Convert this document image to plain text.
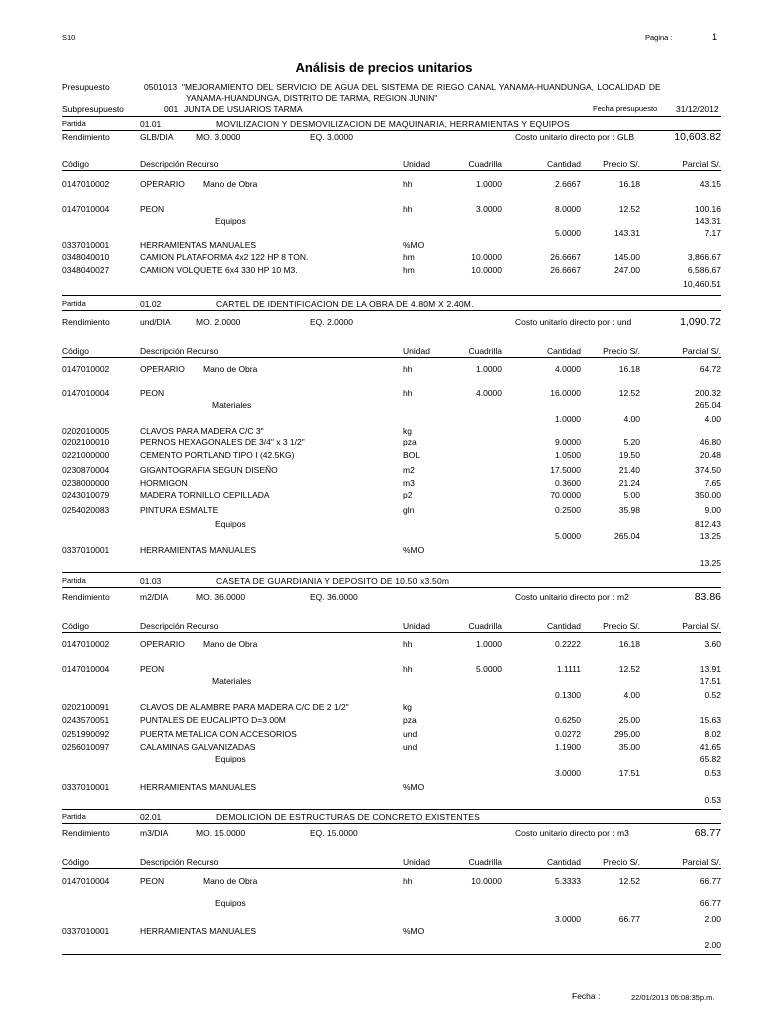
S10	Pagina :	1
Análisis de precios unitarios
Presupuesto	0501013 "MEJORAMIENTO DEL SERVICIO DE AGUA DEL SISTEMA DE RIEGO CANAL YANAMA-HUANDUNGA, LOCALIDAD DE
YANAMA-HUANDUNGA, DISTRITO DE TARMA, REGION JUNIN"
Subpresupuesto	001 JUNTA DE USUARIOS TARMA	Fecha presupuesto 31/12/2012
Partida	01.01	MOVILIZACION Y DESMOVILIZACION DE MAQUINARIA, HERRAMIENTAS Y EQUIPOS
Rendimiento	GLB/DIA	MO. 3.0000	EQ. 3.0000	Costo unitario directo por : GLB	10,603.82
Código	Descripción Recurso	Unidad	Cuadrilla	Cantidad	Precio S/.	Parcial S/.
0147010002	OPERARIO Mano de Obra	hh	1.0000	2.6667	16.18	43.15
0147010004	PEON	hh	3.0000	8.0000	12.52	100.16
143.31
5.0000	143.31	7.17
0337010001	HERRAMIENTAS MANUALES	%MO
0348040010	CAMION PLATAFORMA 4x2 122 HP 8 TON.	hm	10.0000	26.6667	145.00	3,866.67
0348040027	CAMION VOLQUETE 6x4 330 HP 10 M3.	hm	10.0000	26.6667	247.00	6,586.67
10,460.51
Equipos
Partida	01.02	CARTEL DE IDENTIFICACION DE LA OBRA DE 4.80M X 2.40M.
Rendimiento	und/DIA	MO. 2.0000	EQ. 2.0000	Costo unitario directo por : und	1,090.72
Código	Descripción Recurso	Unidad	Cuadrilla	Cantidad	Precio S/.	Parcial S/.
0147010002	OPERARIO Mano de Obra	hh	1.0000	4.0000	16.18	64.72
0147010004	PEON	hh	4.0000	16.0000	12.52	200.32
265.04
1.0000	4.00	4.00
0202010005	CLAVOS PARA MADERA C/C 3"	kg
0202100010	PERNOS HEXAGONALES DE 3/4" x 3 1/2"	pza	9.0000	5.20	46.80
0221000000	CEMENTO PORTLAND TIPO I (42.5KG)	BOL	1.0500	19.50	20.48
0230870004	GIGANTOGRAFIA SEGUN DISEÑO	m2	17.5000	21.40	374.50
0238000000	HORMIGON	m3	0.3600	21.24	7.65
0243010079	MADERA TORNILLO CEPILLADA	p2	70.0000	5.00	350.00
0254020083	PINTURA ESMALTE	gln	0.2500	35.98	9.00
812.43
5.0000	265.04	13.25
0337010001	HERRAMIENTAS MANUALES	%MO
13.25
Materiales
Equipos
Partida	01.03	CASETA DE GUARDIANIA Y DEPOSITO DE 10.50 x3.50m
Rendimiento	m2/DIA	MO. 36.0000	EQ. 36.0000	Costo unitario directo por : m2	83.86
Código	Descripción Recurso	Unidad	Cuadrilla	Cantidad	Precio S/.	Parcial S/.
0147010002	OPERARIO Mano de Obra	hh	1.0000	0.2222	16.18	3.60
0147010004	PEON	hh	5.0000	1.1111	12.52	13.91
17.51
0.1300	4.00	0.52
0202100091	CLAVOS DE ALAMBRE PARA MADERA C/C DE 2 1/2"	kg
0243570051	PUNTALES DE EUCALIPTO D=3.00M	pza	0.6250	25.00	15.63
0251990092	PUERTA METALICA CON ACCESORIOS	und	0.0272	295.00	8.02
0256010097	CALAMINAS GALVANIZADAS	und	1.1900	35.00	41.65
65.82
3.0000	17.51	0.53
0337010001	HERRAMIENTAS MANUALES	%MO
0.53
Materiales
Equipos
Partida	02.01	DEMOLICION DE ESTRUCTURAS DE CONCRETO EXISTENTES
Rendimiento	m3/DIA	MO. 15.0000	EQ. 15.0000	Costo unitario directo por : m3	68.77
Código	Descripción Recurso	Unidad	Cuadrilla	Cantidad	Precio S/.	Parcial S/.
0147010004	PEON	Mano de Obra	hh	10.0000	5.3333	12.52	66.77
66.77
3.0000	66.77	2.00
0337010001	HERRAMIENTAS MANUALES	%MO
2.00
Equipos
Fecha :	22/01/2013 05:08:35p.m.
